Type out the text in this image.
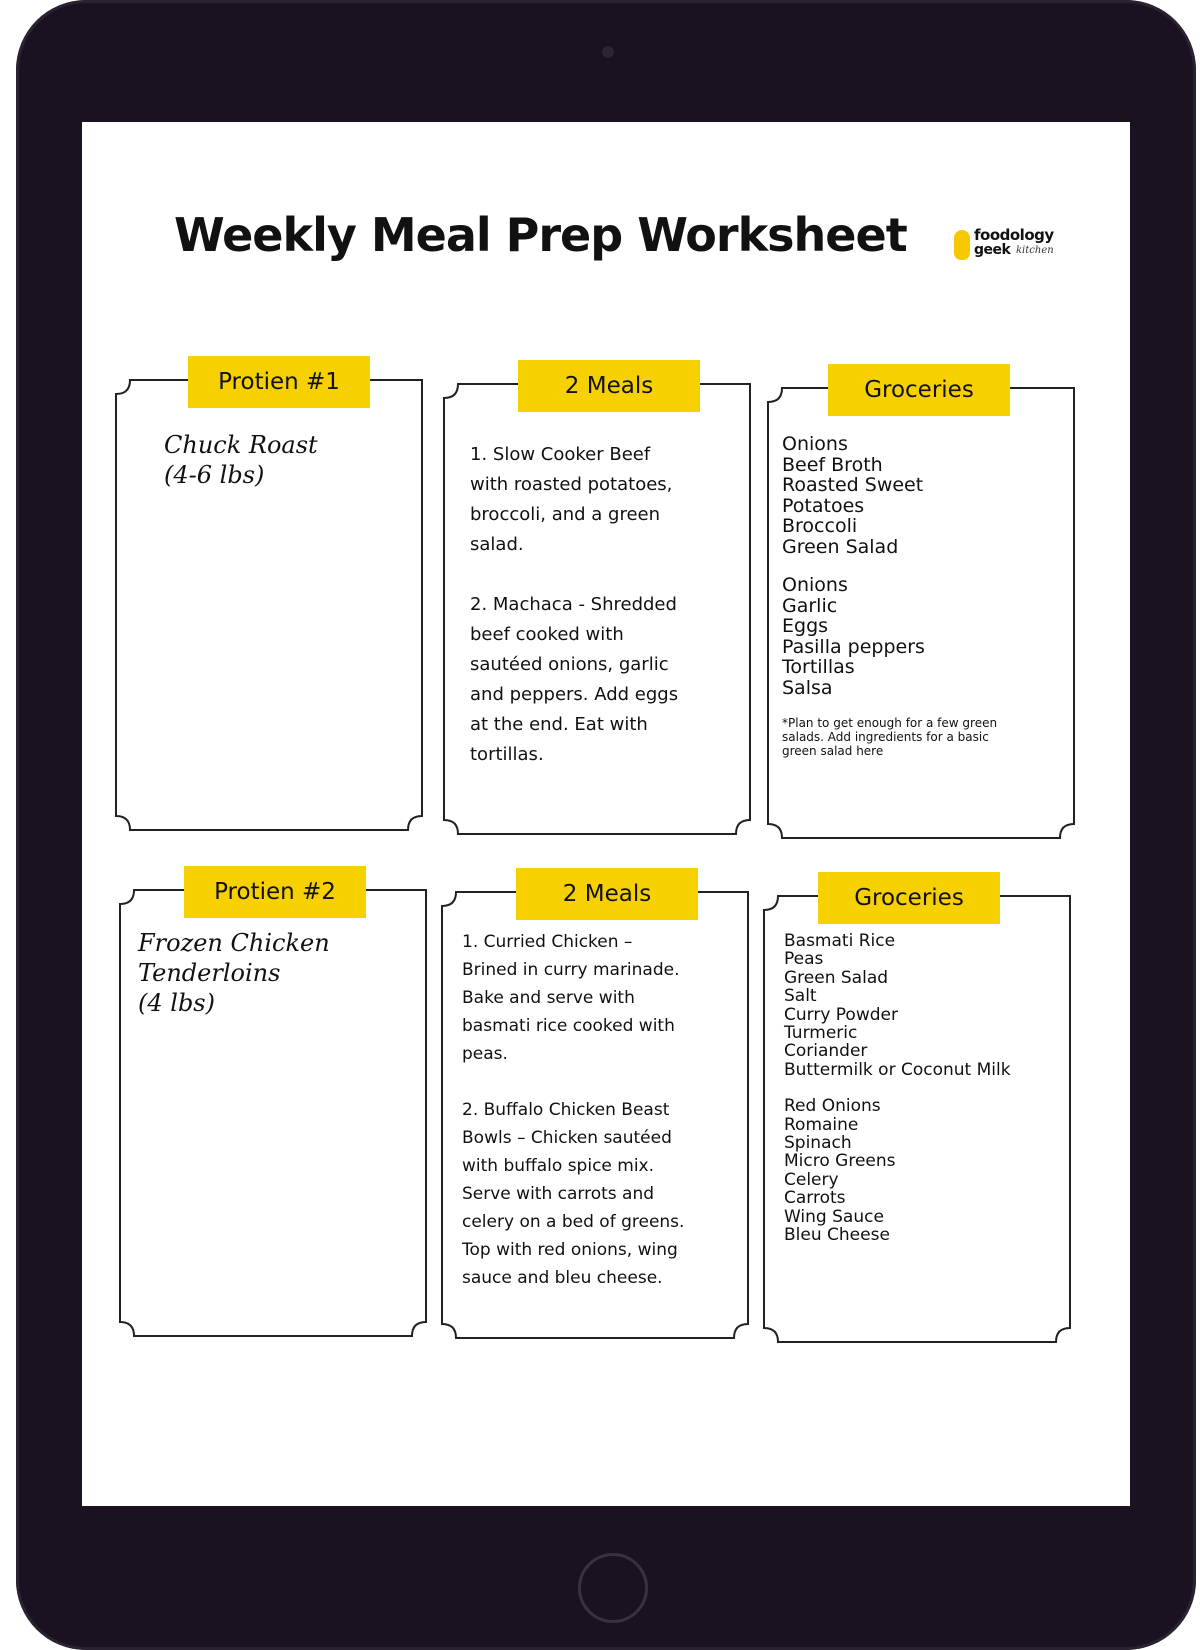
Weekly Meal Prep Worksheet	foodology
geek kitchen
Protien #1
Chuck Roast
(4-6 lbs)
2 Meals

1. Slow Cooker Beef
with roasted potatoes,
broccoli, and a green
salad.

2. Machaca - Shredded
beef cooked with
sautéed onions, garlic
and peppers. Add eggs
at the end. Eat with
tortillas.

Groceries
Onions
Beef Broth
Roasted Sweet
Potatoes
Broccoli
Green Salad
Onions
Garlic
Eggs
Pasilla peppers
Tortillas
Salsa
*Plan to get enough for a few green
salads. Add ingredients for a basic
green salad here
Protien #2
Frozen Chicken
Tenderloins
(4 lbs)
2 Meals

1. Curried Chicken –
Brined in curry marinade.
Bake and serve with
basmati rice cooked with
peas.

2. Buffalo Chicken Beast
Bowls – Chicken sautéed
with buffalo spice mix.
Serve with carrots and
celery on a bed of greens.
Top with red onions, wing
sauce and bleu cheese.

Groceries
Basmati Rice
Peas
Green Salad
Salt
Curry Powder
Turmeric
Coriander
Buttermilk or Coconut Milk
Red Onions
Romaine
Spinach
Micro Greens
Celery
Carrots
Wing Sauce
Bleu Cheese
